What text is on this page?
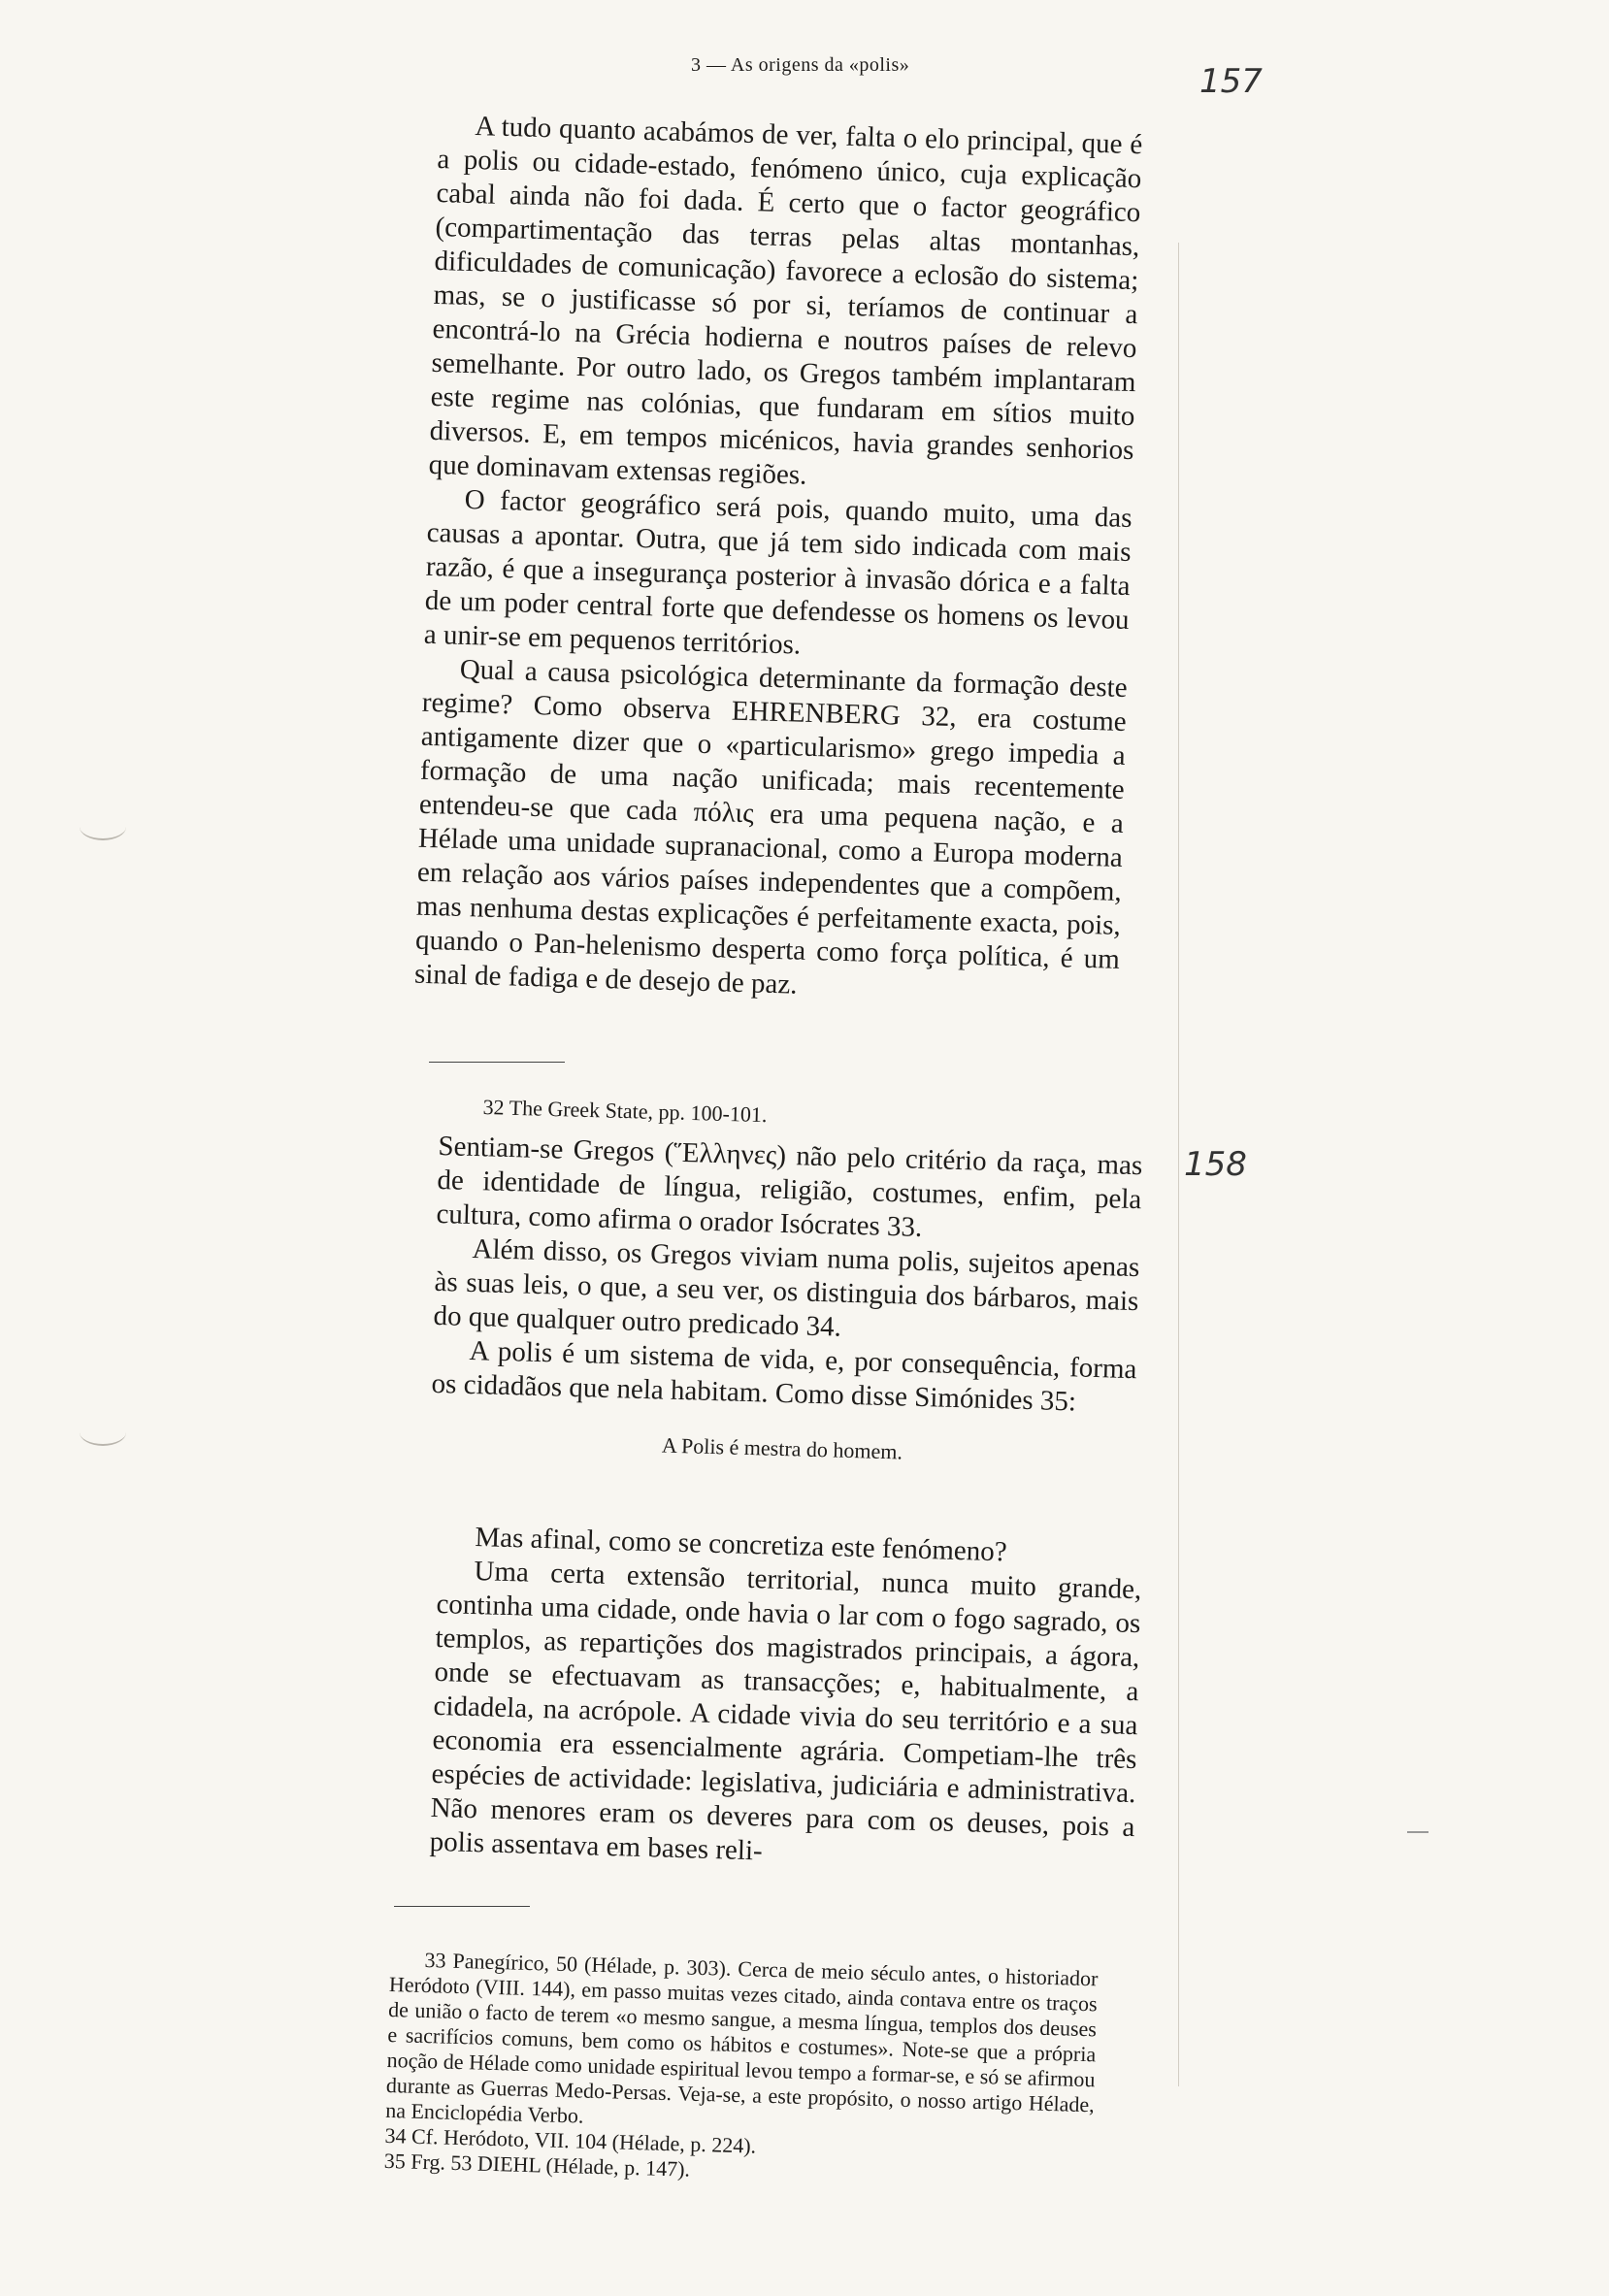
157
158
3 — As origens da «polis»

A tudo quanto acabámos de ver, falta o elo principal, que é a polis ou cidade-estado, fenómeno único, cuja explicação cabal ainda não foi dada. É certo que o factor geográfico (compartimentação das terras pelas altas montanhas, dificuldades de comunicação) favorece a eclosão do sistema; mas, se o justificasse só por si, teríamos de continuar a encontrá-lo na Grécia hodierna e noutros países de relevo semelhante. Por outro lado, os Gregos também implantaram este regime nas colónias, que fundaram em sítios muito diversos. E, em tempos micénicos, havia grandes senhorios que dominavam extensas regiões.

O factor geográfico será pois, quando muito, uma das causas a apontar. Outra, que já tem sido indicada com mais razão, é que a insegurança posterior à invasão dórica e a falta de um poder central forte que defendesse os homens os levou a unir-se em pequenos territórios.

Qual a causa psicológica determinante da formação deste regime? Como observa EHRENBERG 32, era costume antigamente dizer que o «particularismo» grego impedia a formação de uma nação unificada; mais recentemente entendeu-se que cada πόλις era uma pequena nação, e a Hélade uma unidade supranacional, como a Europa moderna em relação aos vários países independentes que a compõem, mas nenhuma destas explicações é perfeitamente exacta, pois, quando o Pan-helenismo desperta como força política, é um sinal de fadiga e de desejo de paz.

32 The Greek State, pp. 100-101.

Sentiam-se Gregos (Ἕλληνες) não pelo critério da raça, mas de identidade de língua, religião, costumes, enfim, pela cultura, como afirma o orador Isócrates 33.

Além disso, os Gregos viviam numa polis, sujeitos apenas às suas leis, o que, a seu ver, os distinguia dos bárbaros, mais do que qualquer outro predicado 34.

A polis é um sistema de vida, e, por consequência, forma os cidadãos que nela habitam. Como disse Simónides 35:

A Polis é mestra do homem.

Mas afinal, como se concretiza este fenómeno?

Uma certa extensão territorial, nunca muito grande, continha uma cidade, onde havia o lar com o fogo sagrado, os templos, as repartições dos magistrados principais, a ágora, onde se efectuavam as transacções; e, habitualmente, a cidadela, na acrópole. A cidade vivia do seu território e a sua economia era essencialmente agrária. Competiam-lhe três espécies de actividade: legislativa, judiciária e administrativa. Não menores eram os deveres para com os deuses, pois a polis assentava em bases reli-

33 Panegírico, 50 (Hélade, p. 303). Cerca de meio século antes, o historiador Heródoto (VIII. 144), em passo muitas vezes citado, ainda contava entre os traços de união o facto de terem «o mesmo sangue, a mesma língua, templos dos deuses e sacrifícios comuns, bem como os hábitos e costumes». Note-se que a própria noção de Hélade como unidade espiritual levou tempo a formar-se, e só se afirmou durante as Guerras Medo-Persas. Veja-se, a este propósito, o nosso artigo Hélade, na Enciclopédia Verbo.

34 Cf. Heródoto, VII. 104 (Hélade, p. 224).

35 Frg. 53 DIEHL (Hélade, p. 147).
